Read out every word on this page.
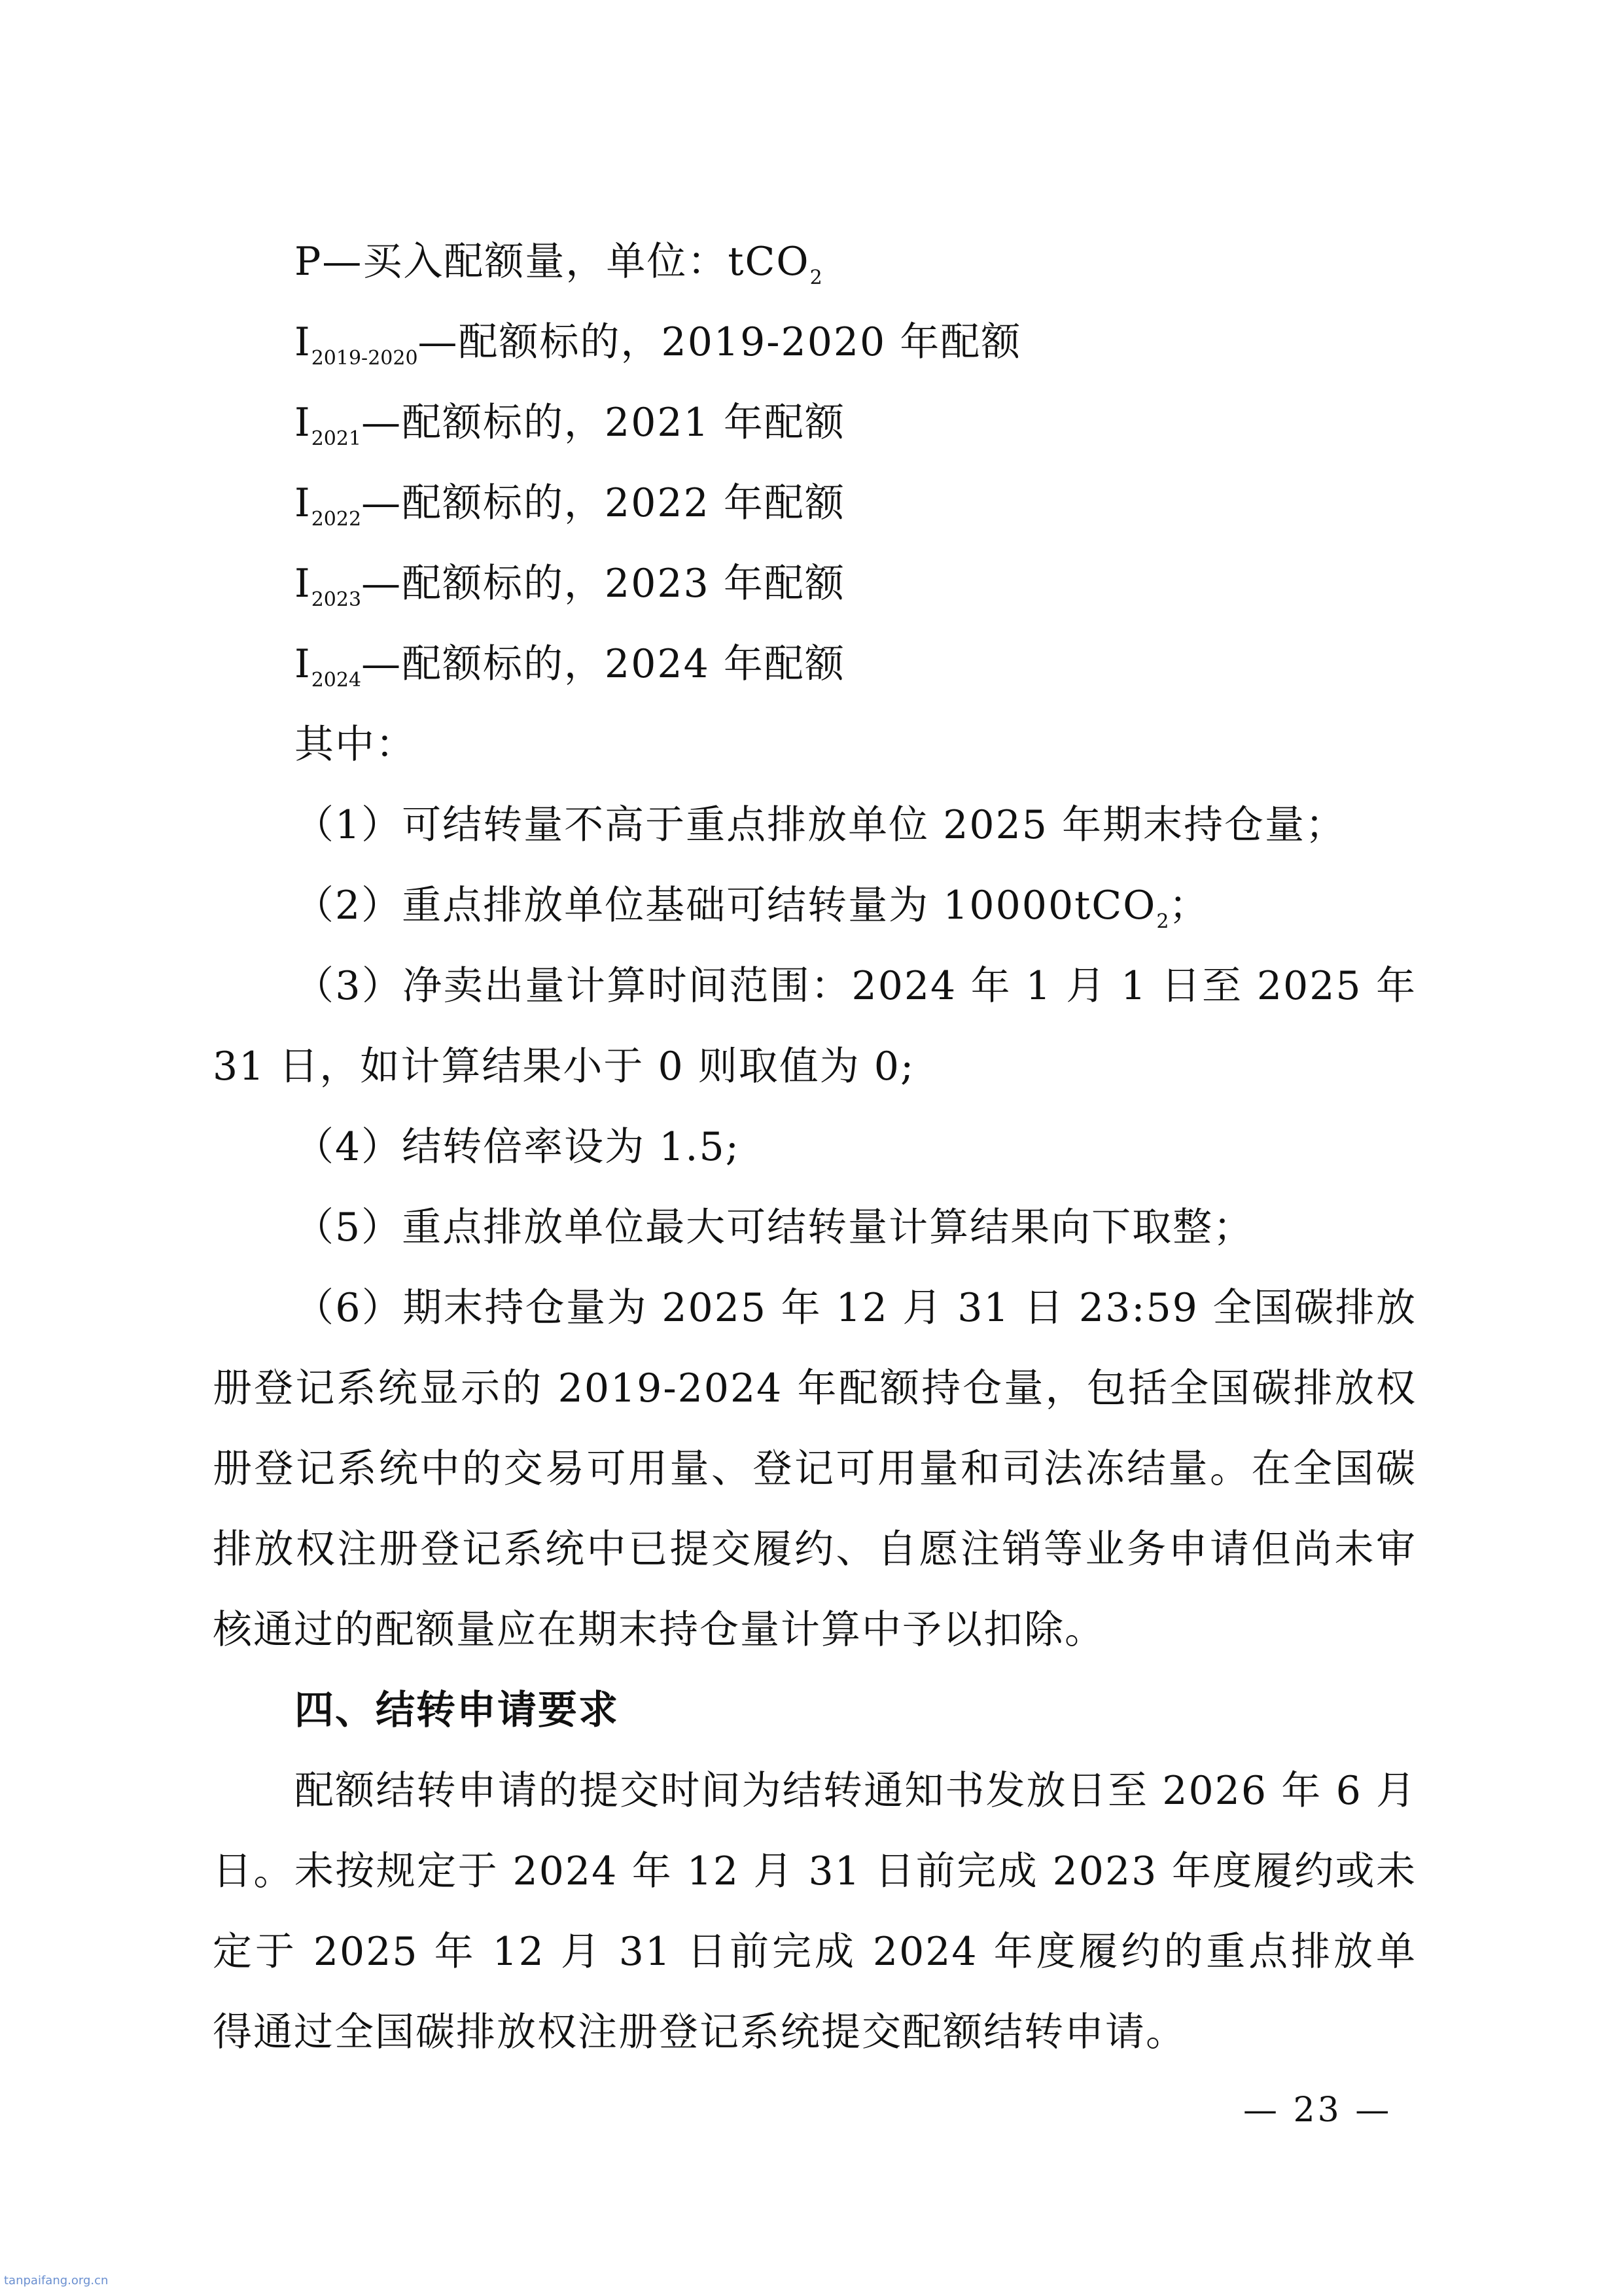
P—买入配额量，单位：tCO$_2$
$I_{2019-2020}—$配额标的，2019-2020 年配额
$I_{2021}—$配额标的，2021 年配额
$I_{2022}—$配额标的，2022 年配额
$I_{2023}—$配额标的，2023 年配额
$I_{2024}—$配额标的，2024 年配额
其中：
（1）可结转量不高于重点排放单位 2025 年期末持仓量；
（2）重点排放单位基础可结转量为 10000tCO$_2$；
（3）净卖出量计算时间范围：2024 年 1 月 1 日至 2025 年
31 日，如计算结果小于 0 则取值为 0;
（4）结转倍率设为 1.5;
（5）重点排放单位最大可结转量计算结果向下取整；
（6）期末持仓量为 2025 年 12 月 31 日 23:59 全国碳排放
册登记系统显示的 2019-2024 年配额持仓量，包括全国碳排放权
册登记系统中的交易可用量、登记可用量和司法冻结量。在全国碳
排放权注册登记系统中已提交履约、自愿注销等业务申请但尚未审
核通过的配额量应在期末持仓量计算中予以扣除。
四、结转申请要求
配额结转申请的提交时间为结转通知书发放日至 2026 年 6 月
日。未按规定于 2024 年 12 月 31 日前完成 2023 年度履约或未
定于 2025 年 12 月 31 日前完成 2024 年度履约的重点排放单
得通过全国碳排放权注册登记系统提交配额结转申请。
— 23 —
tanpaifang.org.cn
